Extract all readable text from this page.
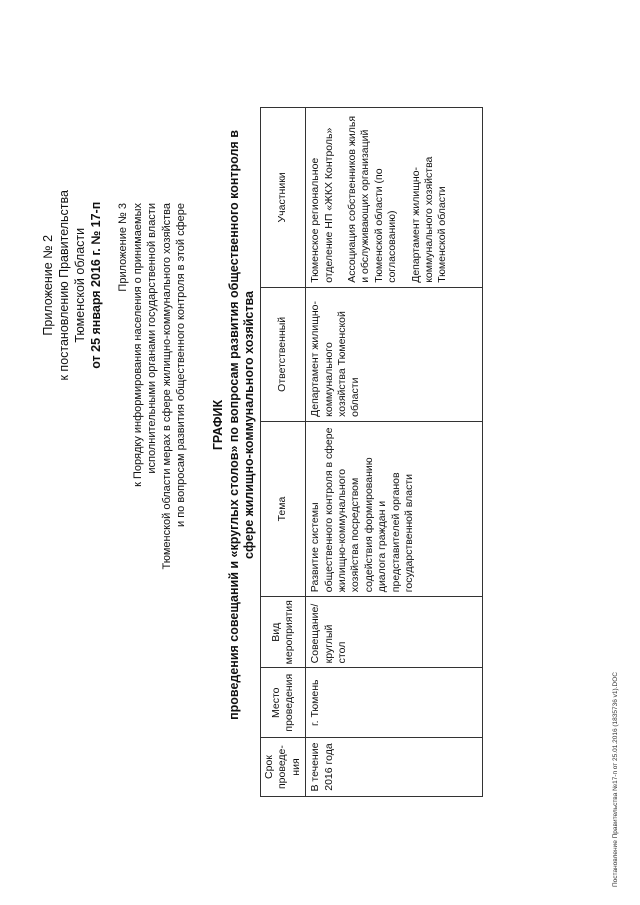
Приложение № 2 к постановлению Правительства Тюменской области от 25 января 2016 г. № 17-п Приложение № 3 к Порядку информирования населения о принимаемых исполнительными органами государственной власти Тюменской области мерах в сфере жилищно-коммунального хозяйства и по вопросам развития общественного контроля в этой сфере ГРАФИК проведения совещаний и «круглых столов» по вопросам развития общественного контроля в сфере жилищно-коммунального хозяйства
Срок проведе-ния	Место проведения	Вид мероприятия	Тема	Ответственный	Участники
В течение 2016 года	г. Тюмень	Совещание/ круглый стол	Развитие системы общественного контроля в сфере жилищно-коммунального хозяйства посредством содействия формированию диалога граждан и представителей органов государственной власти	Департамент жилищно-коммунального хозяйства Тюменской области	Тюменское региональное отделение НП «ЖКХ Контроль» Ассоциация собственников жилья и обслуживающих организаций Тюменской области (по согласованию) Департамент жилищно-коммунального хозяйства Тюменской области
Постановление Правительства №17-п от 25.01.2016 (1835736 v1).DOC
